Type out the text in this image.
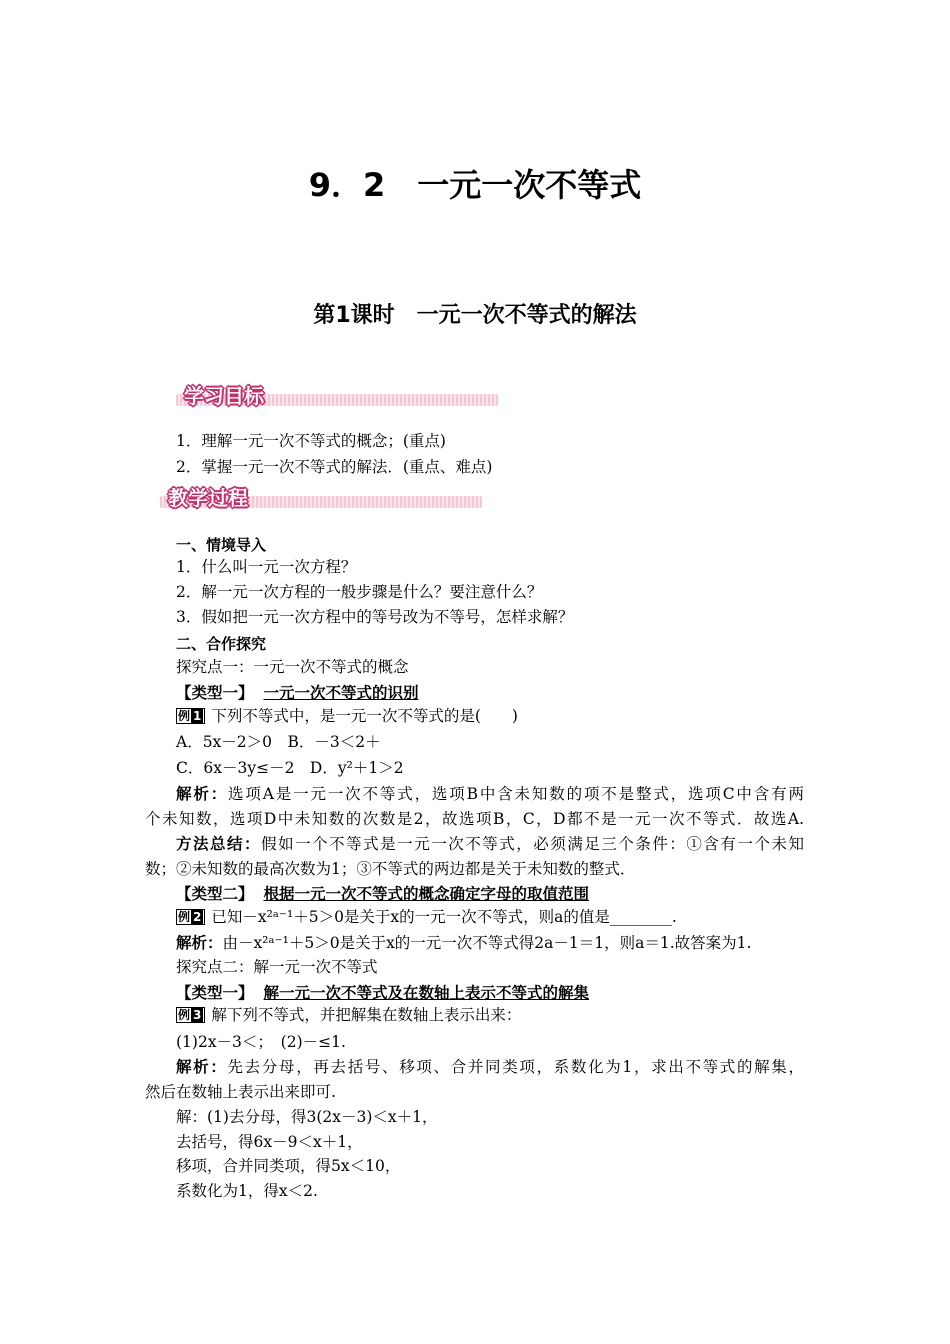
9．2　一元一次不等式
第1课时　一元一次不等式的解法
学习目标
1．理解一元一次不等式的概念；(重点)
2．掌握一元一次不等式的解法．(重点、难点)
教学过程
一、情境导入
1．什么叫一元一次方程？
2．解一元一次方程的一般步骤是什么？要注意什么？
3．假如把一元一次方程中的等号改为不等号，怎样求解？
二、合作探究
探究点一：一元一次不等式的概念
【类型一】 一元一次不等式的识别
例 1 下列不等式中，是一元一次不等式的是(　　)
A．5x－2＞0　B．－3＜2＋
C．6x－3y≤－2　D．y²＋1＞2
解析：选项A是一元一次不等式，选项B中含未知数的项不是整式，选项C中含有两
个未知数，选项D中未知数的次数是2，故选项B，C，D都不是一元一次不等式．故选A.
方法总结：假如一个不等式是一元一次不等式，必须满足三个条件：①含有一个未知
数；②未知数的最高次数为1；③不等式的两边都是关于未知数的整式．
【类型二】 根据一元一次不等式的概念确定字母的取值范围
例 2 已知－x²ᵃ⁻¹＋5＞0是关于x的一元一次不等式，则a的值是________.
解析：由－x²ᵃ⁻¹＋5＞0是关于x的一元一次不等式得2a－1＝1，则a＝1.故答案为1.
探究点二：解一元一次不等式
【类型一】 解一元一次不等式及在数轴上表示不等式的解集
例 3 解下列不等式，并把解集在数轴上表示出来：
(1)2x－3＜；　(2)－≤1.
解析：先去分母，再去括号、移项、合并同类项，系数化为1，求出不等式的解集，
然后在数轴上表示出来即可.
解：(1)去分母，得3(2x－3)＜x＋1，
去括号，得6x－9＜x＋1，
移项，合并同类项，得5x＜10，
系数化为1，得x＜2.
